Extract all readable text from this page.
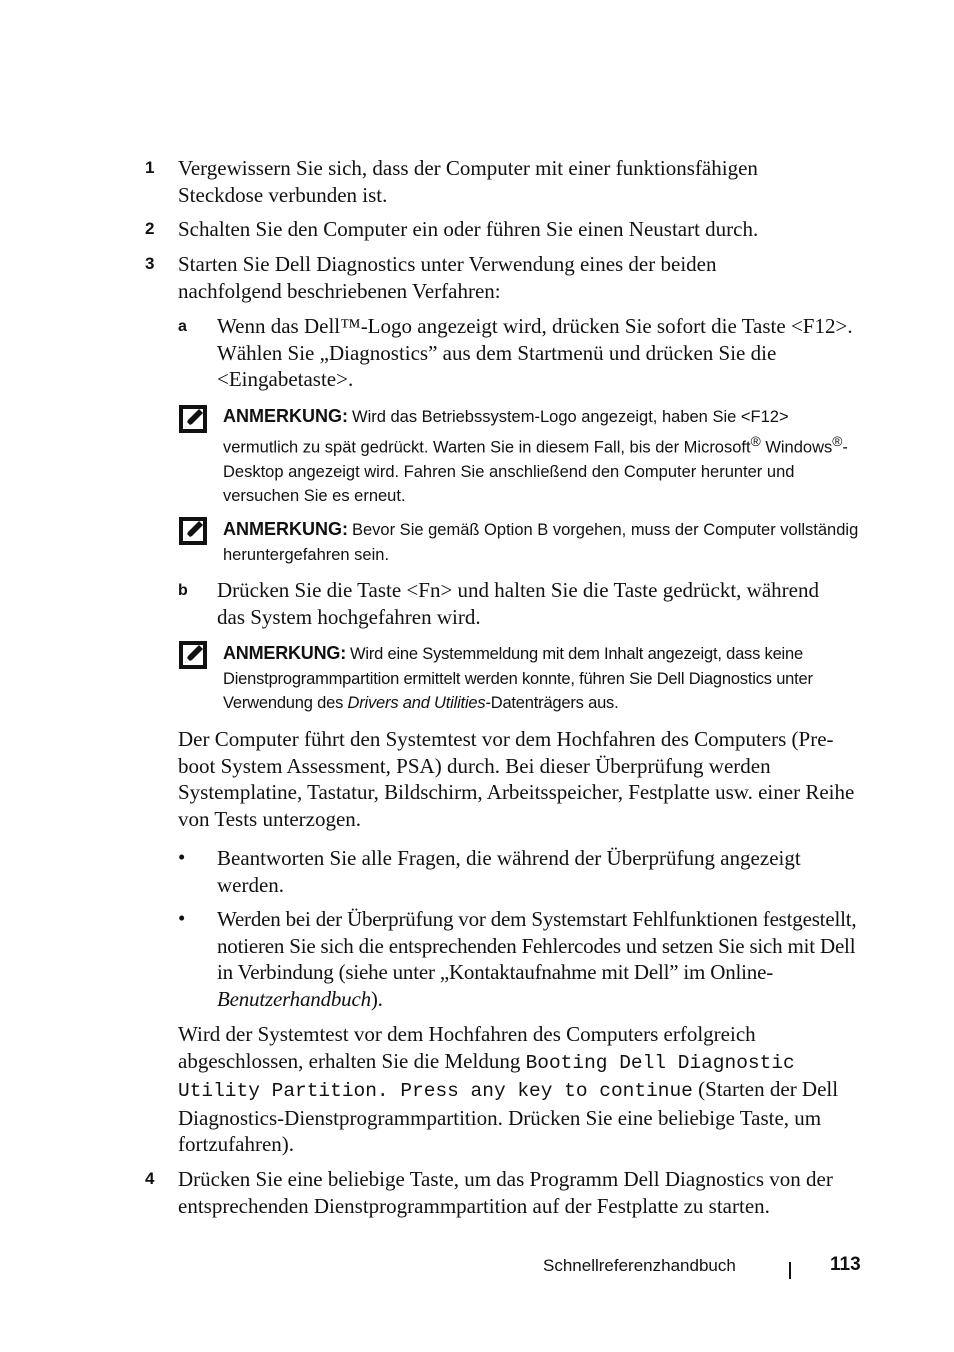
1 Vergewissern Sie sich, dass der Computer mit einer funktionsfähigen Steckdose verbunden ist.

2 Schalten Sie den Computer ein oder führen Sie einen Neustart durch.

3 Starten Sie Dell Diagnostics unter Verwendung eines der beiden nachfolgend beschriebenen Verfahren:

a Wenn das Dell™-Logo angezeigt wird, drücken Sie sofort die Taste <F12>. Wählen Sie „Diagnostics” aus dem Startmenü und drücken Sie die <Eingabetaste>.

ANMERKUNG: Wird das Betriebssystem-Logo angezeigt, haben Sie <F12> vermutlich zu spät gedrückt. Warten Sie in diesem Fall, bis der Microsoft® Windows®-Desktop angezeigt wird. Fahren Sie anschließend den Computer herunter und versuchen Sie es erneut.
ANMERKUNG: Bevor Sie gemäß Option B vorgehen, muss der Computer vollständig heruntergefahren sein.
b Drücken Sie die Taste <Fn> und halten Sie die Taste gedrückt, während das System hochgefahren wird.

ANMERKUNG: Wird eine Systemmeldung mit dem Inhalt angezeigt, dass keine Dienstprogrammpartition ermittelt werden konnte, führen Sie Dell Diagnostics unter Verwendung des Drivers and Utilities-Datenträgers aus.

Der Computer führt den Systemtest vor dem Hochfahren des Computers (Pre-boot System Assessment, PSA) durch. Bei dieser Überprüfung werden Systemplatine, Tastatur, Bildschirm, Arbeitsspeicher, Festplatte usw. einer Reihe von Tests unterzogen.

• Beantworten Sie alle Fragen, die während der Überprüfung angezeigt werden.

• Werden bei der Überprüfung vor dem Systemstart Fehlfunktionen festgestellt, notieren Sie sich die entsprechenden Fehlercodes und setzen Sie sich mit Dell in Verbindung (siehe unter „Kontaktaufnahme mit Dell” im Online-Benutzerhandbuch).

Wird der Systemtest vor dem Hochfahren des Computers erfolgreich abgeschlossen, erhalten Sie die Meldung Booting Dell Diagnostic Utility Partition. Press any key to continue (Starten der Dell Diagnostics-Dienstprogrammpartition. Drücken Sie eine beliebige Taste, um fortzufahren).

4 Drücken Sie eine beliebige Taste, um das Programm Dell Diagnostics von der entsprechenden Dienstprogrammpartition auf der Festplatte zu starten.

Schnellreferenzhandbuch	113
